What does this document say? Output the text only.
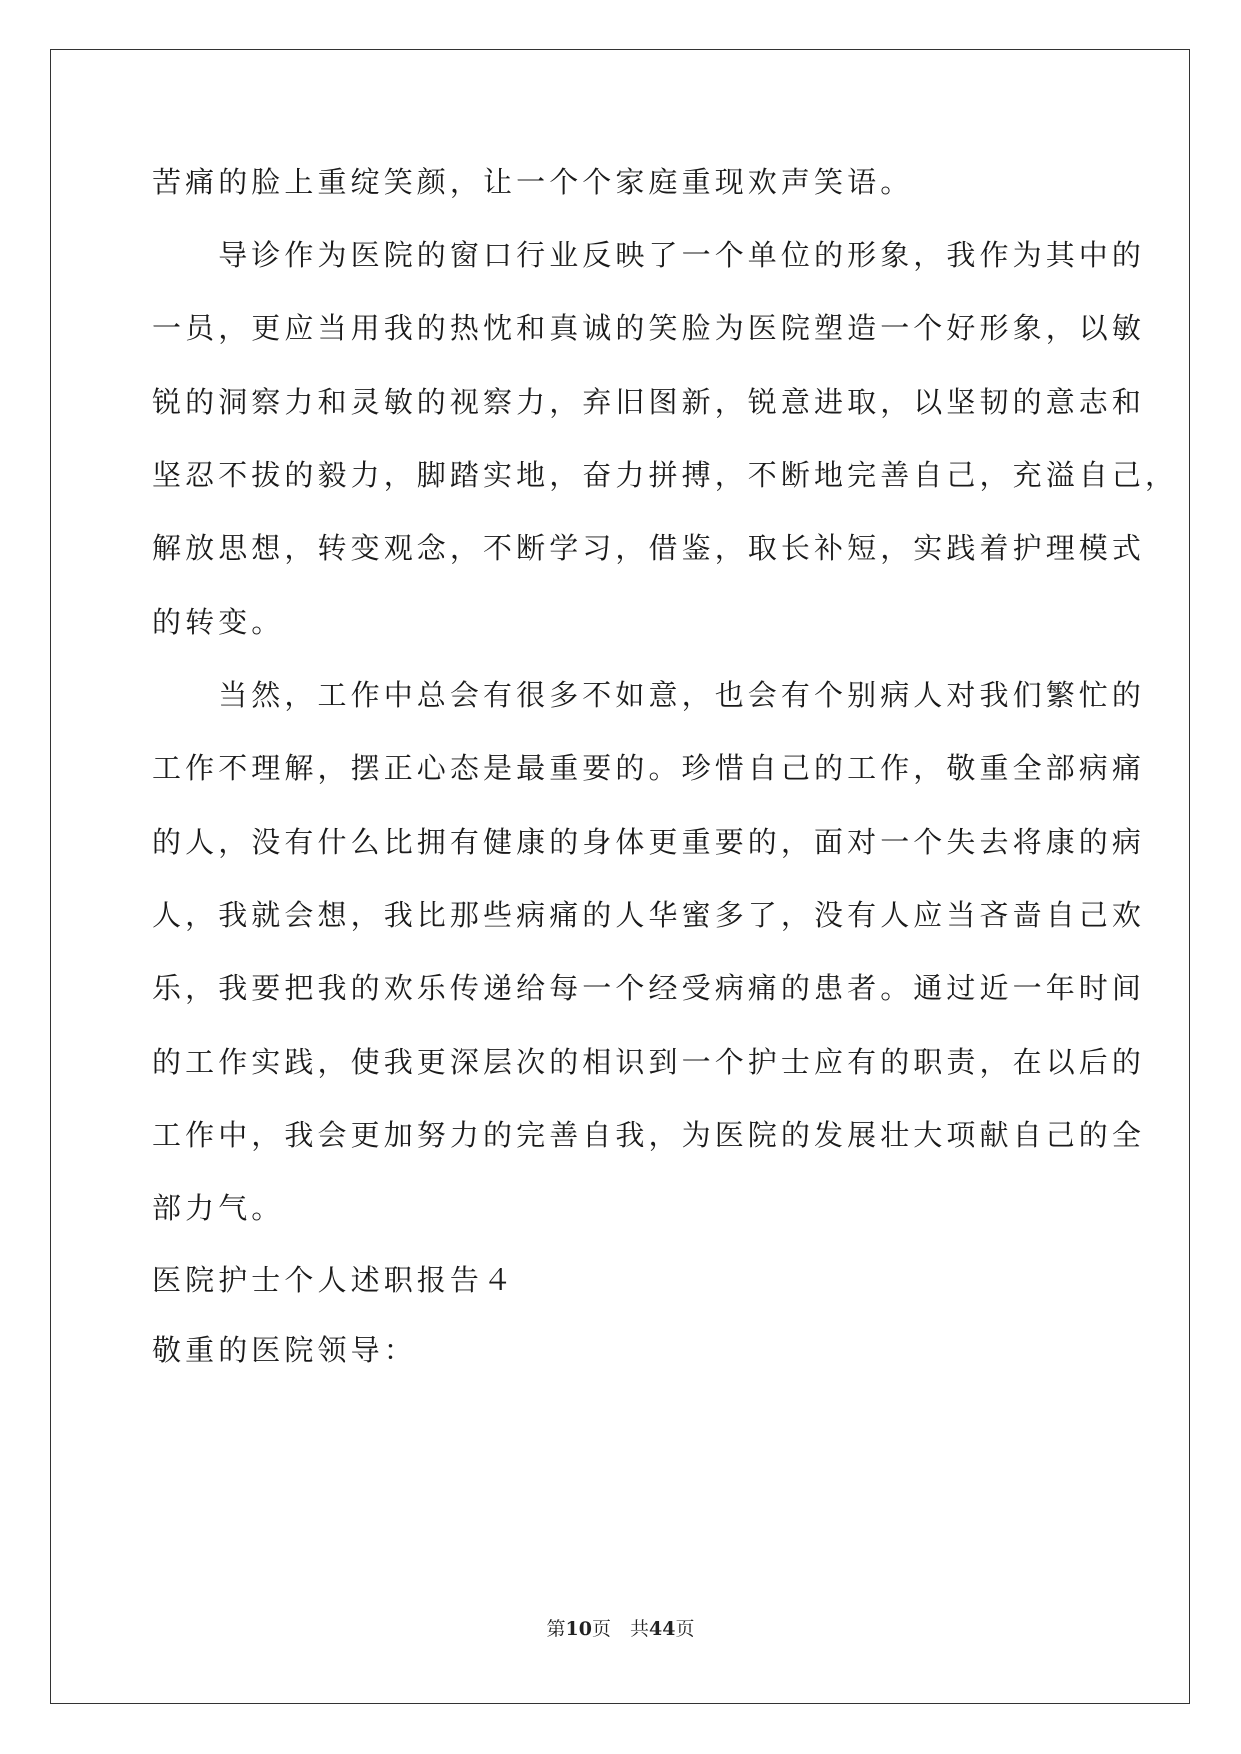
苦痛的脸上重绽笑颜，让一个个家庭重现欢声笑语。
　　导诊作为医院的窗口行业反映了一个单位的形象，我作为其中的
一员，更应当用我的热忱和真诚的笑脸为医院塑造一个好形象，以敏
锐的洞察力和灵敏的视察力，弃旧图新，锐意进取，以坚韧的意志和
坚忍不拔的毅力，脚踏实地，奋力拼搏，不断地完善自己，充溢自己，
解放思想，转变观念，不断学习，借鉴，取长补短，实践着护理模式
的转变。
　　当然，工作中总会有很多不如意，也会有个别病人对我们繁忙的
工作不理解，摆正心态是最重要的。珍惜自己的工作，敬重全部病痛
的人，没有什么比拥有健康的身体更重要的，面对一个失去将康的病
人，我就会想，我比那些病痛的人华蜜多了，没有人应当吝啬自己欢
乐，我要把我的欢乐传递给每一个经受病痛的患者。通过近一年时间
的工作实践，使我更深层次的相识到一个护士应有的职责，在以后的
工作中，我会更加努力的完善自我，为医院的发展壮大项献自己的全
部力气。
医院护士个人述职报告４
敬重的医院领导：
第10页　共44页
